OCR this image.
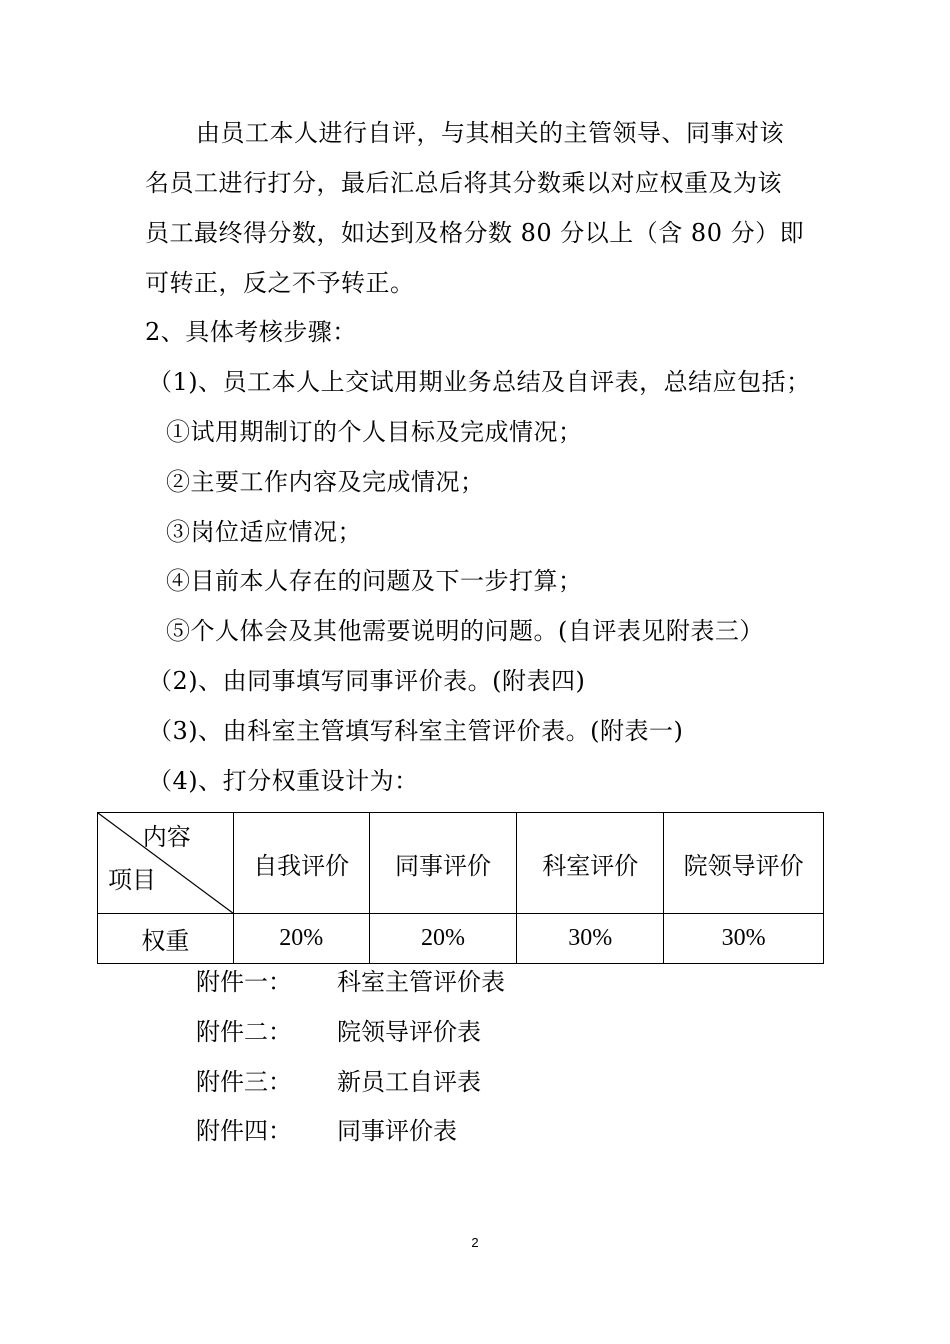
由员工本人进行自评，与其相关的主管领导、同事对该
名员工进行打分，最后汇总后将其分数乘以对应权重及为该
员工最终得分数，如达到及格分数 80 分以上（含 80 分）即
可转正，反之不予转正。
2、具体考核步骤：
（1)、员工本人上交试用期业务总结及自评表，总结应包括；
①试用期制订的个人目标及完成情况；
②主要工作内容及完成情况；
③岗位适应情况；
④目前本人存在的问题及下一步打算；
⑤个人体会及其他需要说明的问题。(自评表见附表三）
（2)、由同事填写同事评价表。(附表四)
（3)、由科室主管填写科室主管评价表。(附表一)
（4)、打分权重设计为：
内容
项目	自我评价	同事评价	科室评价	院领导评价
权重	20%	20%	30%	30%
附件一： 科室主管评价表
附件二： 院领导评价表
附件三： 新员工自评表
附件四： 同事评价表
2
